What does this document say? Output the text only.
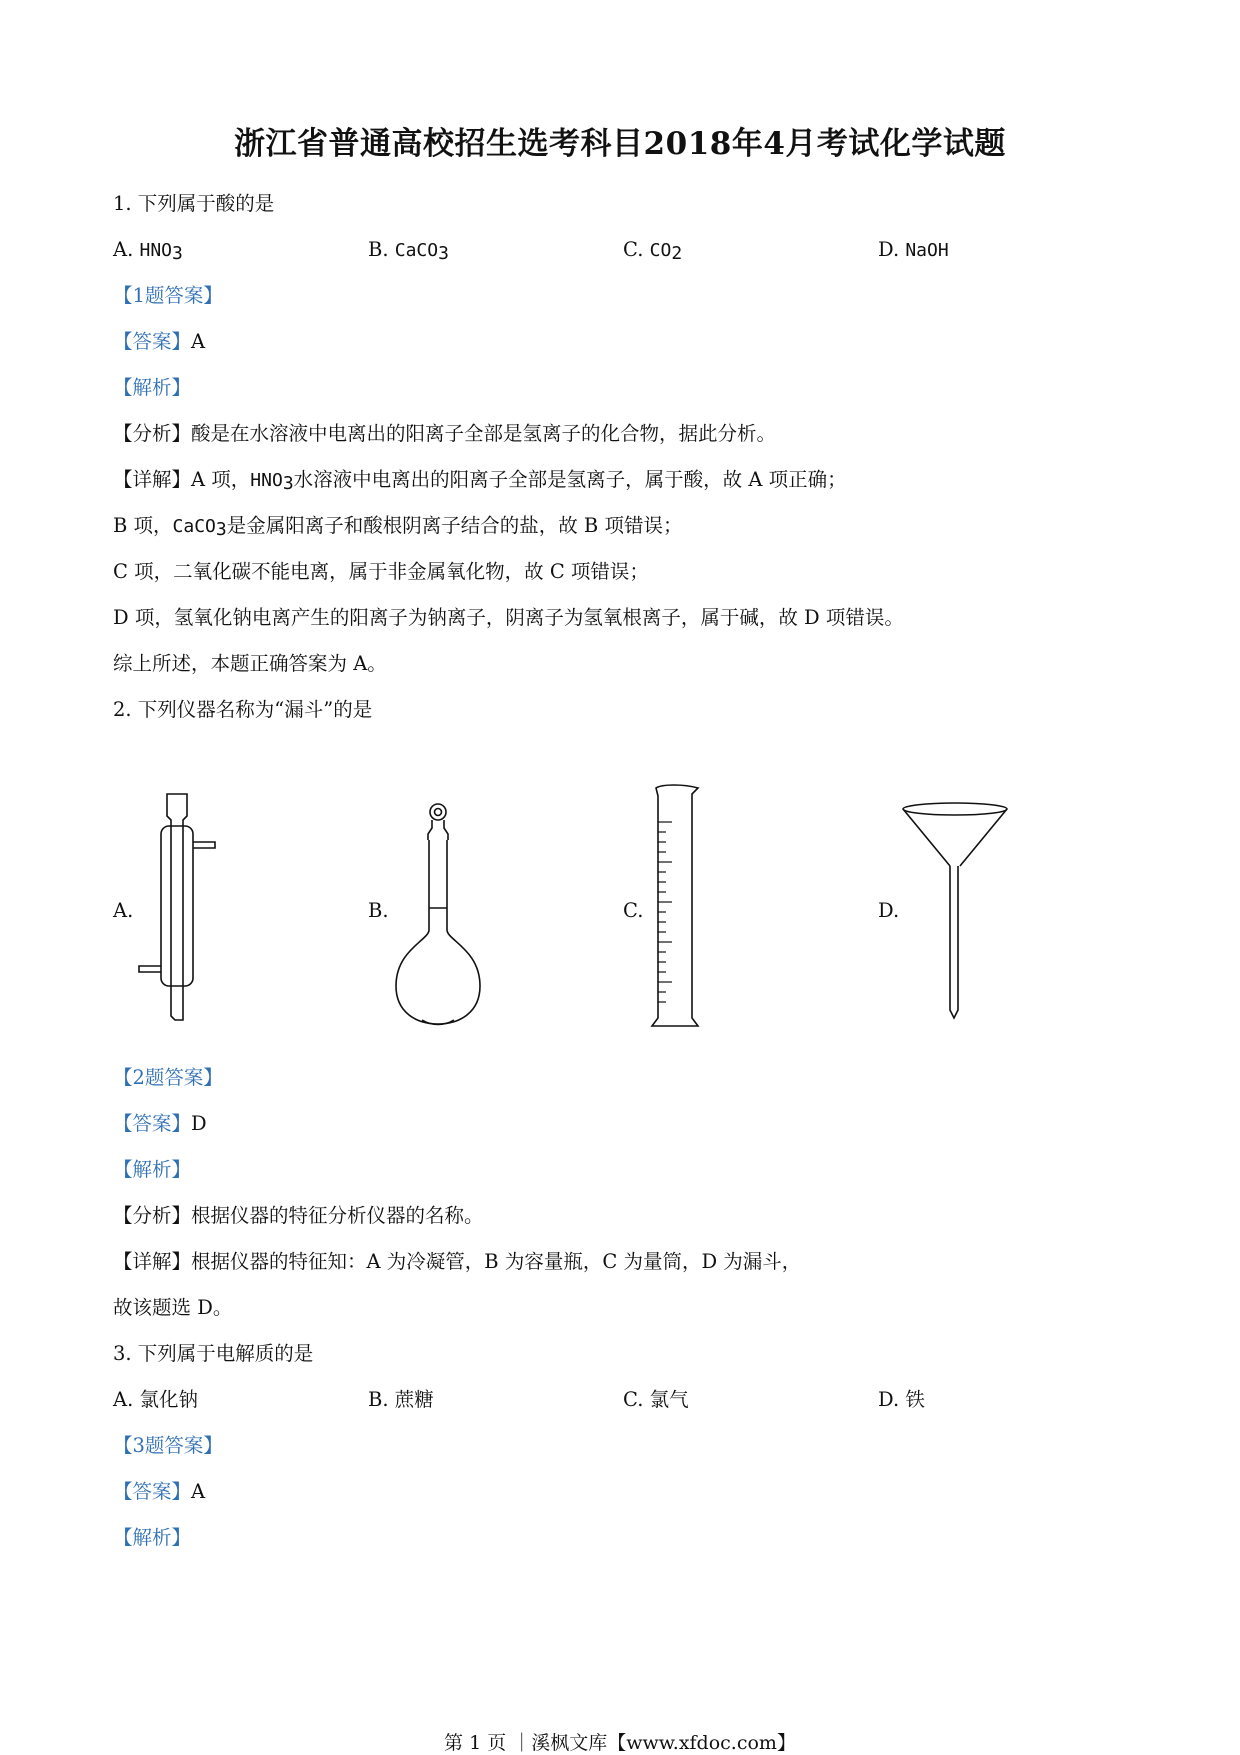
浙江省普通高校招生选考科目2018年4月考试化学试题
1. 下列属于酸的是
A. $HNO_3$	B. CaCO$_3$	C. $CO_2$	D. NaOH
【1题答案】
【答案】A
【解析】
【分析】酸是在水溶液中电离出的阳离子全部是氢离子的化合物，据此分析。
【详解】A 项，$HNO_3$水溶液中电离出的阳离子全部是氢离子，属于酸，故 A 项正确；
B 项，CaCO$_3$是金属阳离子和酸根阴离子结合的盐，故 B 项错误；
C 项，二氧化碳不能电离，属于非金属氧化物，故 C 项错误；
D 项，氢氧化钠电离产生的阳离子为钠离子，阴离子为氢氧根离子，属于碱，故 D 项错误。
综上所述，本题正确答案为 A。
2. 下列仪器名称为“漏斗”的是
A.	B.	C.	D.
【2题答案】
【答案】D
【解析】
【分析】根据仪器的特征分析仪器的名称。
【详解】根据仪器的特征知：A 为冷凝管，B 为容量瓶，C 为量筒，D 为漏斗，
故该题选 D。
3. 下列属于电解质的是
A. 氯化钠	B. 蔗糖	C. 氯气	D. 铁
【3题答案】
【答案】A
【解析】
第 1 页 ｜溪枫文库【www.xfdoc.com】
